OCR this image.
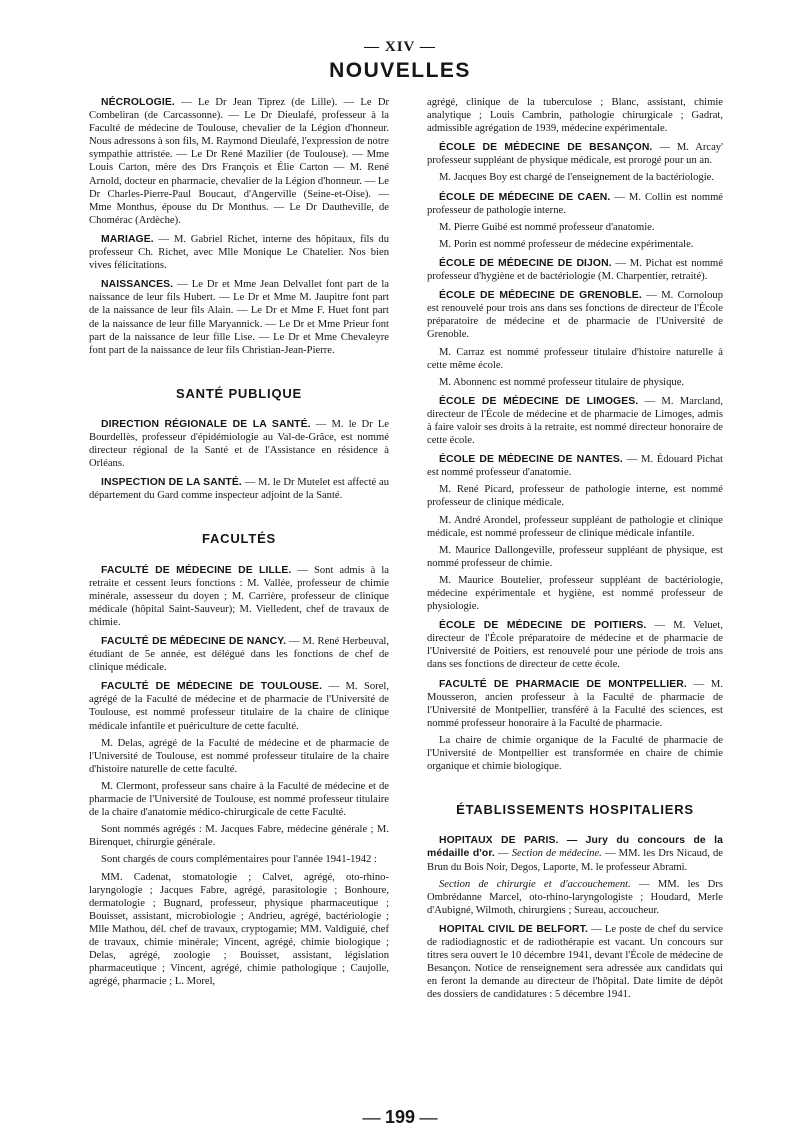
— XIV —
NOUVELLES

NÉCROLOGIE. — Le Dr Jean Tiprez (de Lille). — Le Dr Combeliran (de Carcassonne). — Le Dr Dieulafé, professeur à la Faculté de médecine de Toulouse, chevalier de la Légion d'honneur. Nous adressons à son fils, M. Raymond Dieulafé, l'expression de notre sympathie attristée. — Le Dr René Mazilier (de Toulouse). — Mme Louis Carton, mère des Drs François et Élie Carton — M. René Arnold, docteur en pharmacie, chevalier de la Légion d'honneur. — Le Dr Charles-Pierre-Paul Boucaut, d'Angerville (Seine-et-Oise). — Mme Monthus, épouse du Dr Monthus. — Le Dr Dautheville, de Chomérac (Ardèche).

MARIAGE. — M. Gabriel Richet, interne des hôpitaux, fils du professeur Ch. Richet, avec Mlle Monique Le Chatelier. Nos bien vives félicitations.

NAISSANCES. — Le Dr et Mme Jean Delvallet font part de la naissance de leur fils Hubert. — Le Dr et Mme M. Jaupitre font part de la naissance de leur fils Alain. — Le Dr et Mme F. Huet font part de la naissance de leur fille Maryannick. — Le Dr et Mme Prieur font part de la naissance de leur fille Lise. — Le Dr et Mme Chevaleyre font part de la naissance de leur fils Christian-Jean-Pierre.

SANTÉ PUBLIQUE

DIRECTION RÉGIONALE DE LA SANTÉ. — M. le Dr Le Bourdellès, professeur d'épidémiologie au Val-de-Grâce, est nommé directeur régional de la Santé et de l'Assistance en résidence à Orléans.

INSPECTION DE LA SANTÉ. — M. le Dr Mutelet est affecté au département du Gard comme inspecteur adjoint de la Santé.

FACULTÉS

FACULTÉ DE MÉDECINE DE LILLE. — Sont admis à la retraite et cessent leurs fonctions : M. Vallée, professeur de chimie minérale, assesseur du doyen ; M. Carrière, professeur de clinique médicale (hôpital Saint-Sauveur); M. Vielledent, chef de travaux de chimie.

FACULTÉ DE MÉDECINE DE NANCY. — M. René Herbeuval, étudiant de 5e année, est délégué dans les fonctions de chef de clinique médicale.

FACULTÉ DE MÉDECINE DE TOULOUSE. — M. Sorel, agrégé de la Faculté de médecine et de pharmacie de l'Université de Toulouse, est nommé professeur titulaire de la chaire de clinique médicale infantile et puériculture de cette faculté.

M. Delas, agrégé de la Faculté de médecine et de pharmacie de l'Université de Toulouse, est nommé professeur titulaire de la chaire d'histoire naturelle de cette faculté.

M. Clermont, professeur sans chaire à la Faculté de médecine et de pharmacie de l'Université de Toulouse, est nommé professeur titulaire de la chaire d'anatomie médico-chirurgicale de cette Faculté.

Sont nommés agrégés : M. Jacques Fabre, médecine générale ; M. Birenquet, chirurgie générale.

Sont chargés de cours complémentaires pour l'année 1941-1942 :

MM. Cadenat, stomatologie ; Calvet, agrégé, oto-rhino-laryngologie ; Jacques Fabre, agrégé, parasitologie ; Bonhoure, dermatologie ; Bugnard, professeur, physique pharmaceutique ; Bouisset, assistant, microbiologie ; Andrieu, agrégé, bactériologie ; Mlle Mathou, dél. chef de travaux, cryptogamie; MM. Valdiguié, chef de travaux, chimie minérale; Vincent, agrégé, chimie biologique ; Delas, agrégé, zoologie ; Bouisset, assistant, législation pharmaceutique ; Vincent, agrégé, chimie pathologique ; Caujolle, agrégé, pharmacie ; L. Morel,

agrégé, clinique de la tuberculose ; Blanc, assistant, chimie analytique ; Louis Cambrin, pathologie chirurgicale ; Gadrat, admissible agrégation de 1939, médecine expérimentale.

ÉCOLE DE MÉDECINE DE BESANÇON. — M. Arcay' professeur suppléant de physique médicale, est prorogé pour un an.

M. Jacques Boy est chargé de l'enseignement de la bactériologie.

ÉCOLE DE MÉDECINE DE CAEN. — M. Collin est nommé professeur de pathologie interne.

M. Pierre Guibé est nommé professeur d'anatomie.

M. Porin est nommé professeur de médecine expérimentale.

ÉCOLE DE MÉDECINE DE DIJON. — M. Pichat est nommé professeur d'hygiène et de bactériologie (M. Charpentier, retraité).

ÉCOLE DE MÉDECINE DE GRENOBLE. — M. Cornoloup est renouvelé pour trois ans dans ses fonctions de directeur de l'École préparatoire de médecine et de pharmacie de l'Université de Grenoble.

M. Carraz est nommé professeur titulaire d'histoire naturelle à cette même école.

M. Abonnenc est nommé professeur titulaire de physique.

ÉCOLE DE MÉDECINE DE LIMOGES. — M. Marcland, directeur de l'École de médecine et de pharmacie de Limoges, admis à faire valoir ses droits à la retraite, est nommé directeur honoraire de cette école.

ÉCOLE DE MÉDECINE DE NANTES. — M. Édouard Pichat est nommé professeur d'anatomie.

M. René Picard, professeur de pathologie interne, est nommé professeur de clinique médicale.

M. André Arondel, professeur suppléant de pathologie et clinique médicale, est nommé professeur de clinique médicale infantile.

M. Maurice Dallongeville, professeur suppléant de physique, est nommé professeur de chimie.

M. Maurice Boutelier, professeur suppléant de bactériologie, médecine expérimentale et hygiène, est nommé professeur de physiologie.

ÉCOLE DE MÉDECINE DE POITIERS. — M. Veluet, directeur de l'École préparatoire de médecine et de pharmacie de l'Université de Poitiers, est renouvelé pour une période de trois ans dans ses fonctions de directeur de cette école.

FACULTÉ DE PHARMACIE DE MONTPELLIER. — M. Mousseron, ancien professeur à la Faculté de pharmacie de l'Université de Montpellier, transféré à la Faculté des sciences, est nommé professeur honoraire à la Faculté de pharmacie.

La chaire de chimie organique de la Faculté de pharmacie de l'Université de Montpellier est transformée en chaire de chimie organique et chimie biologique.

ÉTABLISSEMENTS HOSPITALIERS

HOPITAUX DE PARIS. — Jury du concours de la médaille d'or. — Section de médecine. — MM. les Drs Nicaud, de Brun du Bois Noir, Degos, Laporte, M. le professeur Abrami.

Section de chirurgie et d'accouchement. — MM. les Drs Ombrédanne Marcel, oto-rhino-laryngologiste ; Houdard, Merle d'Aubigné, Wilmoth, chirurgiens ; Sureau, accoucheur.

HOPITAL CIVIL DE BELFORT. — Le poste de chef du service de radiodiagnostic et de radiothérapie est vacant. Un concours sur titres sera ouvert le 10 décembre 1941, devant l'École de médecine de Besançon. Notice de renseignement sera adressée aux candidats qui en feront la demande au directeur de l'hôpital. Date limite de dépôt des dossiers de candidatures : 5 décembre 1941.

— 199 —
